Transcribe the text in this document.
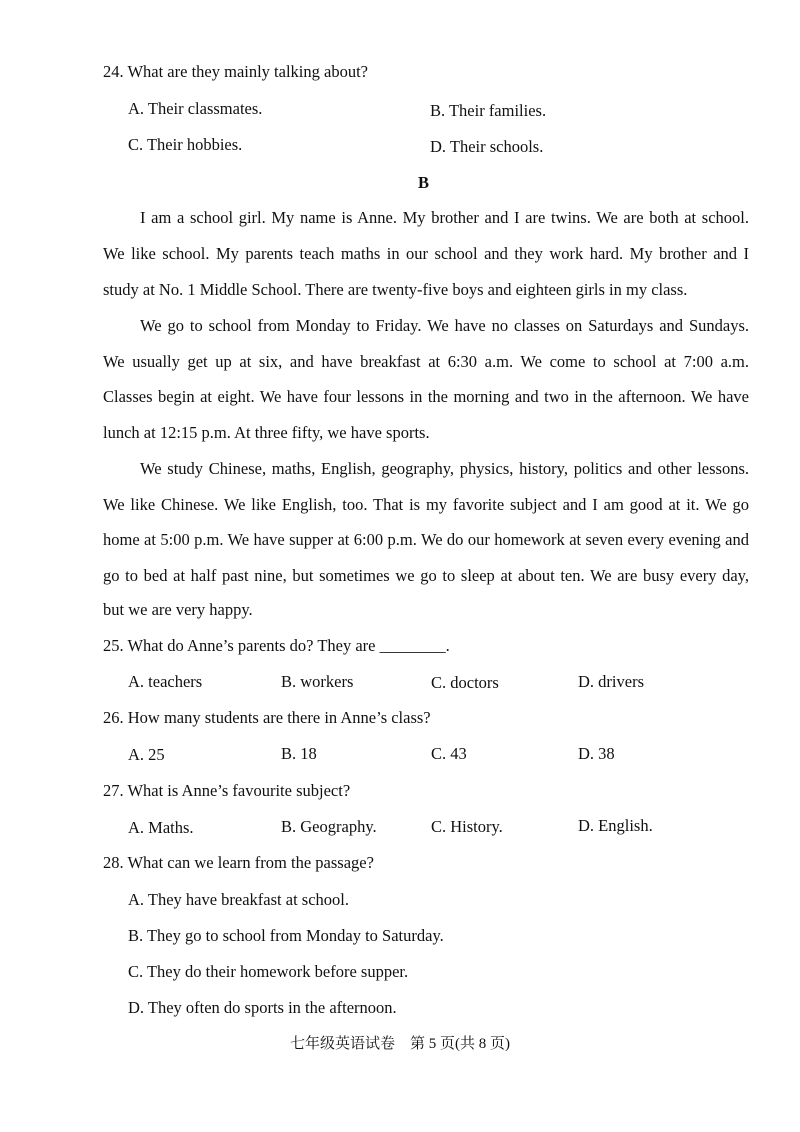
24. What are they mainly talking about?
A. Their classmates.	B. Their families.
C. Their hobbies.	D. Their schools.
B
I am a school girl. My name is Anne. My brother and I are twins. We are both at school.
We like school. My parents teach maths in our school and they work hard. My brother and I
study at No. 1 Middle School. There are twenty-five boys and eighteen girls in my class.
We go to school from Monday to Friday. We have no classes on Saturdays and Sundays.
We usually get up at six, and have breakfast at 6:30 a.m. We come to school at 7:00 a.m.
Classes begin at eight. We have four lessons in the morning and two in the afternoon. We have
lunch at 12:15 p.m. At three fifty, we have sports.
We study Chinese, maths, English, geography, physics, history, politics and other lessons.
We like Chinese. We like English, too. That is my favorite subject and I am good at it. We go
home at 5:00 p.m. We have supper at 6:00 p.m. We do our homework at seven every evening and
go to bed at half past nine, but sometimes we go to sleep at about ten. We are busy every day,
but we are very happy.
25. What do Anne’s parents do? They are ________.
A. teachers	B. workers	C. doctors	D. drivers
26. How many students are there in Anne’s class?
A. 25	B. 18	C. 43	D. 38
27. What is Anne’s favourite subject?
A. Maths.	B. Geography.	C. History.	D. English.
28. What can we learn from the passage?
A. They have breakfast at school.
B. They go to school from Monday to Saturday.
C. They do their homework before supper.
D. They often do sports in the afternoon.
七年级英语试卷　第 5 页(共 8 页)
